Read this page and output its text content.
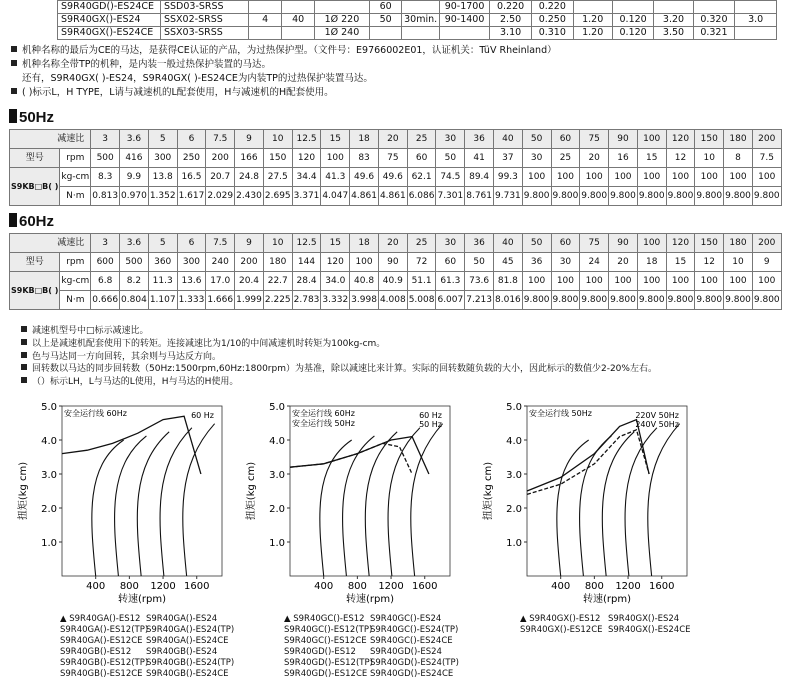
S9R40GD()-ES24CE	SSD03-SRSS				60		90-1700	0.220	0.220					
S9R40GX()-ES24	SSX02-SRSS	4	40	1Ø 220	50	30min.	90-1400	2.50	0.250	1.20	0.120	3.20	0.320	3.0
S9R40GX()-ES24CE	SSX03-SRSS			1Ø 240				3.10	0.310	1.20	0.120	3.50	0.321	
机种名称的最后为CE的马达，是获得CE认证的产品，为过热保护型。（文件号：E9766002E01，认证机关：TüV Rheinland）
机种名称全带TP的机种，是内装一般过热保护装置的马达。
还有，S9R40GX( )-ES24，S9R40GX( )-ES24CE为内装TP的过热保护装置马达。
( )标示L，H TYPE，L请与减速机的L配套使用，H与减速机的H配套使用。
50Hz
减速比		3	3.6	5	6	7.5	9	10	12.5	15	18	20	25	30	36	40	50	60	75	90	100	120	150	180	200
型号	rpm	500	416	300	250	200	166	150	120	100	83	75	60	50	41	37	30	25	20	16	15	12	10	8	7.5
S9KB□B( )	kg-cm	8.3	9.9	13.8	16.5	20.7	24.8	27.5	34.4	41.3	49.6	49.6	62.1	74.5	89.4	99.3	100	100	100	100	100	100	100	100	100
	N·m	0.813	0.970	1.352	1.617	2.029	2.430	2.695	3.371	4.047	4.861	4.861	6.086	7.301	8.761	9.731	9.800	9.800	9.800	9.800	9.800	9.800	9.800	9.800	9.800
60Hz
减速比		3	3.6	5	6	7.5	9	10	12.5	15	18	20	25	30	36	40	50	60	75	90	100	120	150	180	200
型号	rpm	600	500	360	300	240	200	180	144	120	100	90	72	60	50	45	36	30	24	20	18	15	12	10	9
S9KB□B( )	kg-cm	6.8	8.2	11.3	13.6	17.0	20.4	22.7	28.4	34.0	40.8	40.9	51.1	61.3	73.6	81.8	100	100	100	100	100	100	100	100	100
	N·m	0.666	0.804	1.107	1.333	1.666	1.999	2.225	2.783	3.332	3.998	4.008	5.008	6.007	7.213	8.016	9.800	9.800	9.800	9.800	9.800	9.800	9.800	9.800	9.800
减速机型号中□标示减速比。
以上是减速机配套使用下的转矩。连接减速比为1/10的中间减速机时转矩为100kg-cm。
色与马达同一方向回转，其余则与马达反方向。
回转数以马达的同步回转数（50Hz:1500rpm,60Hz:1800rpm）为基准，除以减速比来计算。实际的回转数随负载的大小，因此标示的数值少2-20%左右。
（）标示LH，L与马达的L使用，H与马达的H使用。
1.0
2.0
3.0
4.0
5.0
400 800 1200 1600
转速(rpm)
扭矩(kg cm)
安全运行线 60Hz	60 Hz
1.0
2.0
3.0
4.0
5.0
400 800 1200 1600
转速(rpm)
扭矩(kg cm)
安全运行线 60Hz
安全运行线 50Hz
60 Hz
50 Hz
1.0
2.0
3.0
4.0
5.0
400 800 1200 1600
转速(rpm)
扭矩(kg cm)
安全运行线 50Hz	220V 50Hz
240V 50Hz
▲ S9R40GA()-ES12 S9R40GA()-ES24
S9R40GA()-ES12(TP)
S9R40GA()-ES24(TP)
S9R40GA()-ES12CE S9R40GA()-ES24CE
S9R40GB()-ES12	S9R40GB()-ES24
S9R40GB()-ES12(TP)
S9R40GB()-ES24(TP)
S9R40GB()-ES12CE S9R40GB()-ES24CE
▲ S9R40GC()-ES12 S9R40GC()-ES24
S9R40GC()-ES12(TP)
S9R40GC()-ES24(TP)
S9R40GC()-ES12CE S9R40GC()-ES24CE
S9R40GD()-ES12	S9R40GD()-ES24
S9R40GD()-ES12(TP)
S9R40GD()-ES24(TP)
S9R40GD()-ES12CE S9R40GD()-ES24CE
▲ S9R40GX()-ES12 S9R40GX()-ES24
S9R40GX()-ES12CE S9R40GX()-ES24CE
